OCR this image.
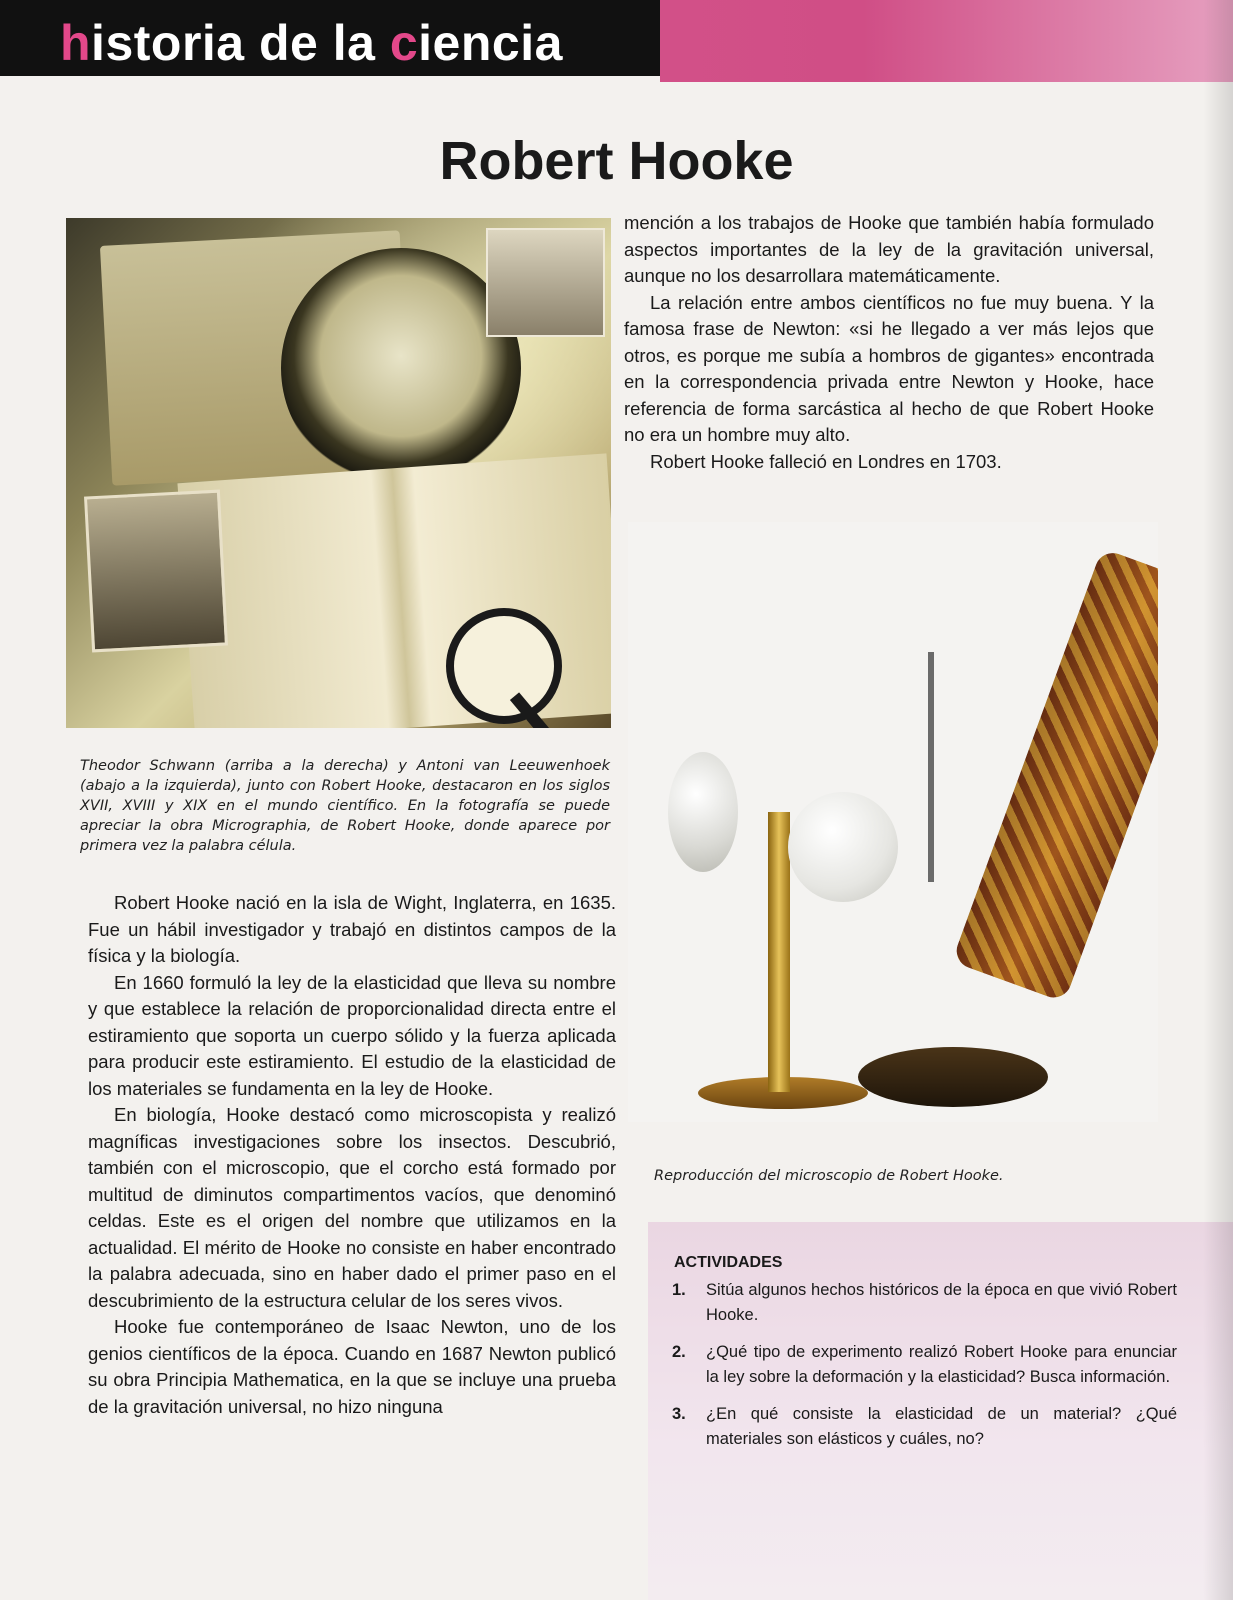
historia de la ciencia
Robert Hooke
Theodor Schwann (arriba a la derecha) y Antoni van Leeuwenhoek (abajo a la izquierda), junto con Robert Hooke, destacaron en los siglos XVII, XVIII y XIX en el mundo científico. En la fotografía se puede apreciar la obra Micrographia, de Robert Hooke, donde aparece por primera vez la palabra célula.
Reproducción del microscopio de Robert Hooke.

Robert Hooke nació en la isla de Wight, Inglaterra, en 1635. Fue un hábil investigador y trabajó en distintos campos de la física y la biología.

En 1660 formuló la ley de la elasticidad que lleva su nombre y que establece la relación de proporcionalidad directa entre el estiramiento que soporta un cuerpo sólido y la fuerza aplicada para producir este estiramiento. El estudio de la elasticidad de los materiales se fundamenta en la ley de Hooke.

En biología, Hooke destacó como microscopista y realizó magníficas investigaciones sobre los insectos. Descubrió, también con el microscopio, que el corcho está formado por multitud de diminutos compartimentos vacíos, que denominó celdas. Este es el origen del nombre que utilizamos en la actualidad. El mérito de Hooke no consiste en haber encontrado la palabra adecuada, sino en haber dado el primer paso en el descubrimiento de la estructura celular de los seres vivos.

Hooke fue contemporáneo de Isaac Newton, uno de los genios científicos de la época. Cuando en 1687 Newton publicó su obra Principia Mathematica, en la que se incluye una prueba de la gravitación universal, no hizo ninguna

mención a los trabajos de Hooke que también había formulado aspectos importantes de la ley de la gravitación universal, aunque no los desarrollara matemáticamente.

La relación entre ambos científicos no fue muy buena. Y la famosa frase de Newton: «si he llegado a ver más lejos que otros, es porque me subía a hombros de gigantes» encontrada en la correspondencia privada entre Newton y Hooke, hace referencia de forma sarcástica al hecho de que Robert Hooke no era un hombre muy alto.

Robert Hooke falleció en Londres en 1703.

ACTIVIDADES
1. Sitúa algunos hechos históricos de la época en que vivió Robert Hooke.
2. ¿Qué tipo de experimento realizó Robert Hooke para enunciar la ley sobre la deformación y la elasticidad? Busca información.
3. ¿En qué consiste la elasticidad de un material? ¿Qué materiales son elásticos y cuáles, no?
